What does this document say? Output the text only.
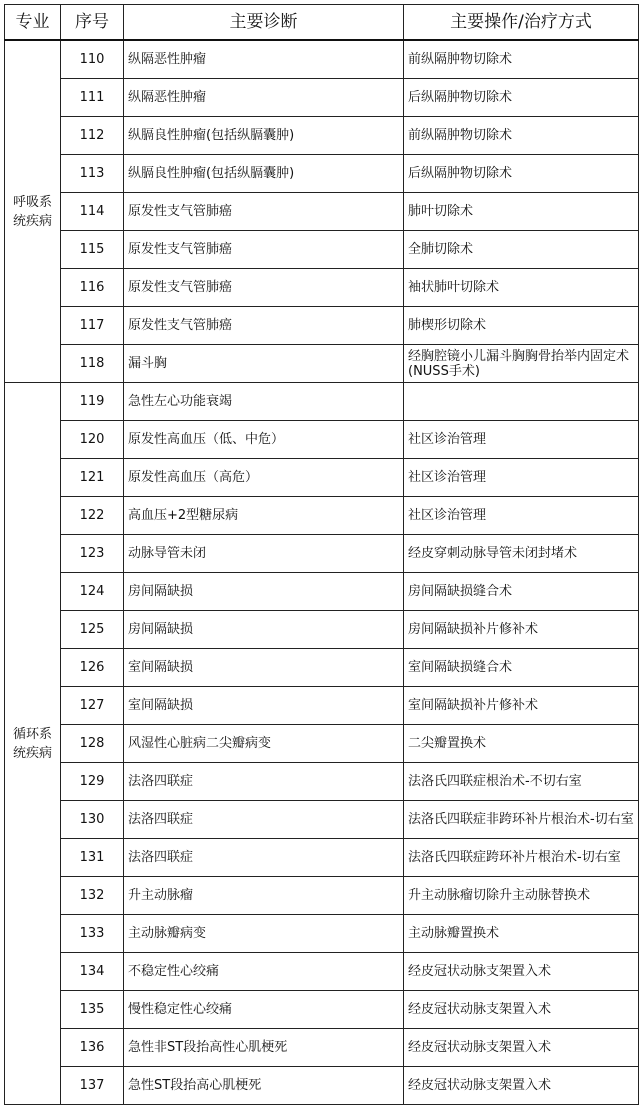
专业	序号	主要诊断	主要操作/治疗方式
呼吸系统疾病	110	纵隔恶性肿瘤	前纵隔肿物切除术
	111	纵隔恶性肿瘤	后纵隔肿物切除术
	112	纵膈良性肿瘤(包括纵膈囊肿)	前纵隔肿物切除术
	113	纵膈良性肿瘤(包括纵膈囊肿)	后纵隔肿物切除术
	114	原发性支气管肺癌	肺叶切除术
	115	原发性支气管肺癌	全肺切除术
	116	原发性支气管肺癌	袖状肺叶切除术
	117	原发性支气管肺癌	肺楔形切除术
	118	漏斗胸	经胸腔镜小儿漏斗胸胸骨抬举内固定术(NUSS手术)
循环系统疾病	119	急性左心功能衰竭	
	120	原发性高血压（低、中危）	社区诊治管理
	121	原发性高血压（高危）	社区诊治管理
	122	高血压+2型糖尿病	社区诊治管理
	123	动脉导管未闭	经皮穿刺动脉导管未闭封堵术
	124	房间隔缺损	房间隔缺损缝合术
	125	房间隔缺损	房间隔缺损补片修补术
	126	室间隔缺损	室间隔缺损缝合术
	127	室间隔缺损	室间隔缺损补片修补术
	128	风湿性心脏病二尖瓣病变	二尖瓣置换术
	129	法洛四联症	法洛氏四联症根治术-不切右室
	130	法洛四联症	法洛氏四联症非跨环补片根治术-切右室
	131	法洛四联症	法洛氏四联症跨环补片根治术-切右室
	132	升主动脉瘤	升主动脉瘤切除升主动脉替换术
	133	主动脉瓣病变	主动脉瓣置换术
	134	不稳定性心绞痛	经皮冠状动脉支架置入术
	135	慢性稳定性心绞痛	经皮冠状动脉支架置入术
	136	急性非ST段抬高性心肌梗死	经皮冠状动脉支架置入术
	137	急性ST段抬高心肌梗死	经皮冠状动脉支架置入术
